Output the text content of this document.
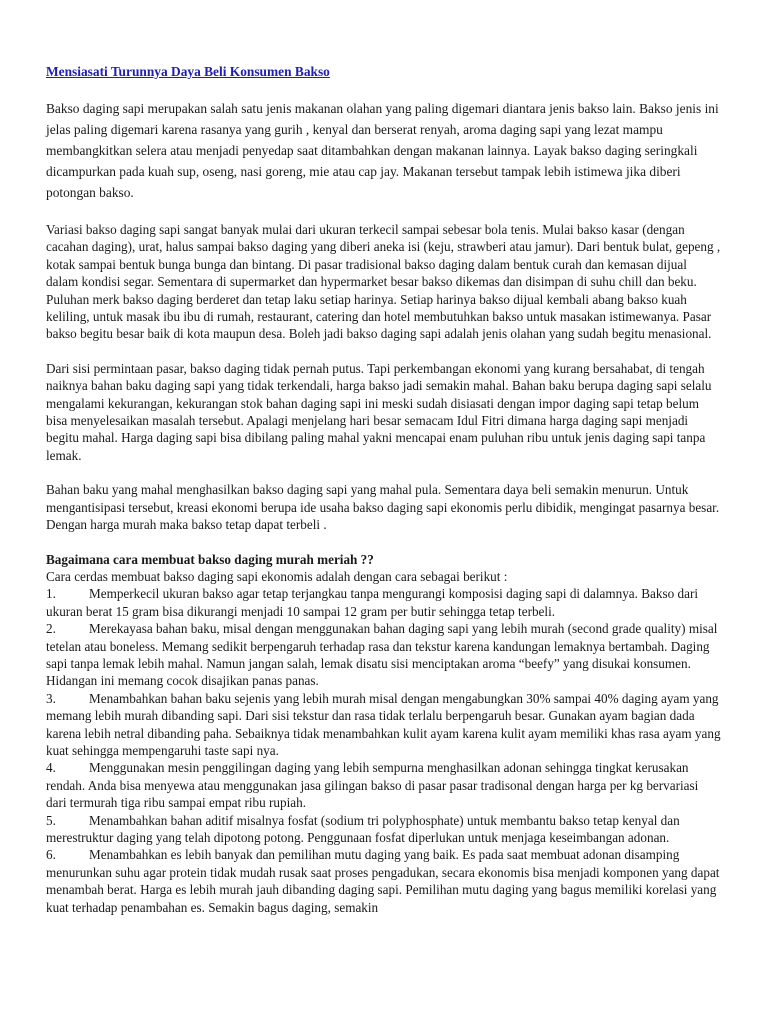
Mensiasati Turunnya Daya Beli Konsumen Bakso
Bakso daging sapi merupakan salah satu jenis makanan olahan yang paling digemari diantara jenis bakso lain. Bakso jenis ini jelas paling digemari karena rasanya yang gurih , kenyal dan berserat renyah, aroma daging sapi yang lezat mampu membangkitkan selera atau menjadi penyedap saat ditambahkan dengan makanan lainnya. Layak bakso daging seringkali dicampurkan pada kuah sup, oseng, nasi goreng, mie atau cap jay. Makanan tersebut tampak lebih istimewa jika diberi potongan bakso.
Variasi bakso daging sapi sangat banyak mulai dari ukuran terkecil sampai sebesar bola tenis. Mulai bakso kasar (dengan cacahan daging), urat, halus sampai bakso daging yang diberi aneka isi (keju, strawberi atau jamur). Dari bentuk bulat, gepeng , kotak sampai bentuk bunga bunga dan bintang. Di pasar tradisional bakso daging dalam bentuk curah dan kemasan dijual dalam kondisi segar. Sementara di supermarket dan hypermarket besar bakso dikemas dan disimpan di suhu chill dan beku. Puluhan merk bakso daging berderet dan tetap laku setiap harinya. Setiap harinya bakso dijual kembali abang bakso kuah keliling, untuk masak ibu ibu di rumah, restaurant, catering dan hotel membutuhkan bakso untuk masakan istimewanya. Pasar bakso begitu besar baik di kota maupun desa. Boleh jadi bakso daging sapi adalah jenis olahan yang sudah begitu menasional.
Dari sisi permintaan pasar, bakso daging tidak pernah putus. Tapi perkembangan ekonomi yang kurang bersahabat, di tengah naiknya bahan baku daging sapi yang tidak terkendali, harga bakso jadi semakin mahal. Bahan baku berupa daging sapi selalu mengalami kekurangan, kekurangan stok bahan daging sapi ini meski sudah disiasati dengan impor daging sapi tetap belum bisa menyelesaikan masalah tersebut. Apalagi menjelang hari besar semacam Idul Fitri dimana harga daging sapi menjadi begitu mahal. Harga daging sapi bisa dibilang paling mahal yakni mencapai enam puluhan ribu untuk jenis daging sapi tanpa lemak.
Bahan baku yang mahal menghasilkan bakso daging sapi yang mahal pula. Sementara daya beli semakin menurun. Untuk mengantisipasi tersebut, kreasi ekonomi berupa ide usaha bakso daging sapi ekonomis perlu dibidik, mengingat pasarnya besar. Dengan harga murah maka bakso tetap dapat terbeli .
Bagaimana cara membuat bakso daging murah meriah ??
Cara cerdas membuat bakso daging sapi ekonomis adalah dengan cara sebagai berikut :
1.	Memperkecil ukuran bakso agar tetap terjangkau tanpa mengurangi komposisi daging sapi di dalamnya. Bakso dari ukuran berat 15 gram bisa dikurangi menjadi 10 sampai 12 gram per butir sehingga tetap terbeli.
2.	Merekayasa bahan baku, misal dengan menggunakan bahan daging sapi yang lebih murah (second grade quality) misal tetelan atau boneless. Memang sedikit berpengaruh terhadap rasa dan tekstur karena kandungan lemaknya bertambah. Daging sapi tanpa lemak lebih mahal. Namun jangan salah, lemak disatu sisi menciptakan aroma “beefy” yang disukai konsumen. Hidangan ini memang cocok disajikan panas panas.
3.	Menambahkan bahan baku sejenis yang lebih murah misal dengan mengabungkan 30% sampai 40% daging ayam yang memang lebih murah dibanding sapi. Dari sisi tekstur dan rasa tidak terlalu berpengaruh besar. Gunakan ayam bagian dada karena lebih netral dibanding paha. Sebaiknya tidak menambahkan kulit ayam karena kulit ayam memiliki khas rasa ayam yang kuat sehingga mempengaruhi taste sapi nya.
4.	Menggunakan mesin penggilingan daging yang lebih sempurna menghasilkan adonan sehingga tingkat kerusakan rendah. Anda bisa menyewa atau menggunakan jasa gilingan bakso di pasar pasar tradisonal dengan harga per kg bervariasi dari termurah tiga ribu sampai empat ribu rupiah.
5.	Menambahkan bahan aditif misalnya fosfat (sodium tri polyphosphate) untuk membantu bakso tetap kenyal dan merestruktur daging yang telah dipotong potong. Penggunaan fosfat diperlukan untuk menjaga keseimbangan adonan.
6.	Menambahkan es lebih banyak dan pemilihan mutu daging yang baik. Es pada saat membuat adonan disamping menurunkan suhu agar protein tidak mudah rusak saat proses pengadukan, secara ekonomis bisa menjadi komponen yang dapat menambah berat. Harga es lebih murah jauh dibanding daging sapi. Pemilihan mutu daging yang bagus memiliki korelasi yang kuat terhadap penambahan es. Semakin bagus daging, semakin
